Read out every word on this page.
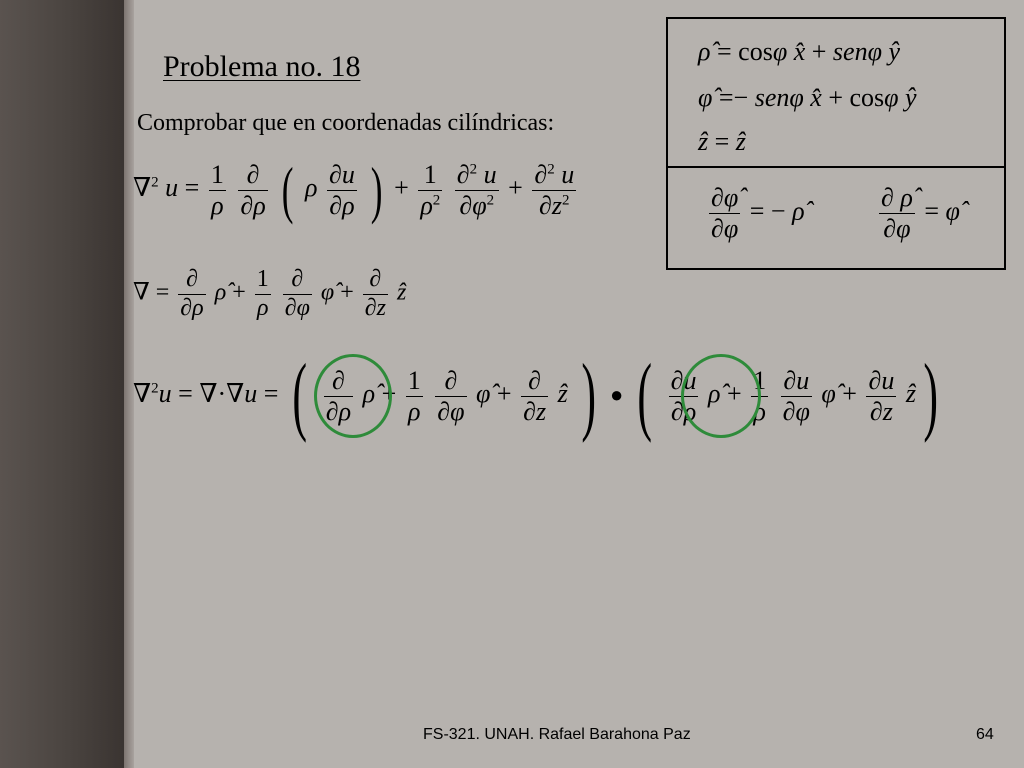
Problema no. 18
Comprobar que en coordenadas cilíndricas:
∇$^2$ $u = \frac{1}{\rho}$
$\frac{\partial}{\partial\rho}$ ( ρ $\frac{\partial u}{\partial\rho}$ ) + $\frac{1}{\rho^2}$
$\frac{\partial^2 u}{\partial\varphi^2} + \frac{\partial^2 u}{\partial z^2}$
∇ = $\frac{\partial}{\partial\rho}$ ρ̂ + $\frac{1}{\rho}$
$\frac{\partial}{\partial\varphi}$ φ̂ + $\frac{\partial}{\partial z}$ ẑ
∇$^2$u = ∇·∇u = ( $\frac{\partial}{\partial\rho}$ ρ̂ + $\frac{1}{\rho}$
$\frac{\partial}{\partial\varphi}$ φ̂ + $\frac{\partial}{\partial z}$ ẑ ) ● ( $\frac{\partial u}{\partial\rho}$ ρ̂ + $\frac{1}{\rho}$
$\frac{\partial u}{\partial\varphi}$ φ̂ + $\frac{\partial u}{\partial z}$ ẑ )
ρ̂ = cosφ x̂ + senφ ŷ
φ̂ =− senφ x̂ + cosφ ŷ
ẑ = ẑ
$\frac{\partial\varphî}{\partial\varphi}$ = − ρ̂	$\frac{\partial \rhô}{\partial\varphi}$ = φ̂
FS-321. UNAH. Rafael Barahona Paz	64
